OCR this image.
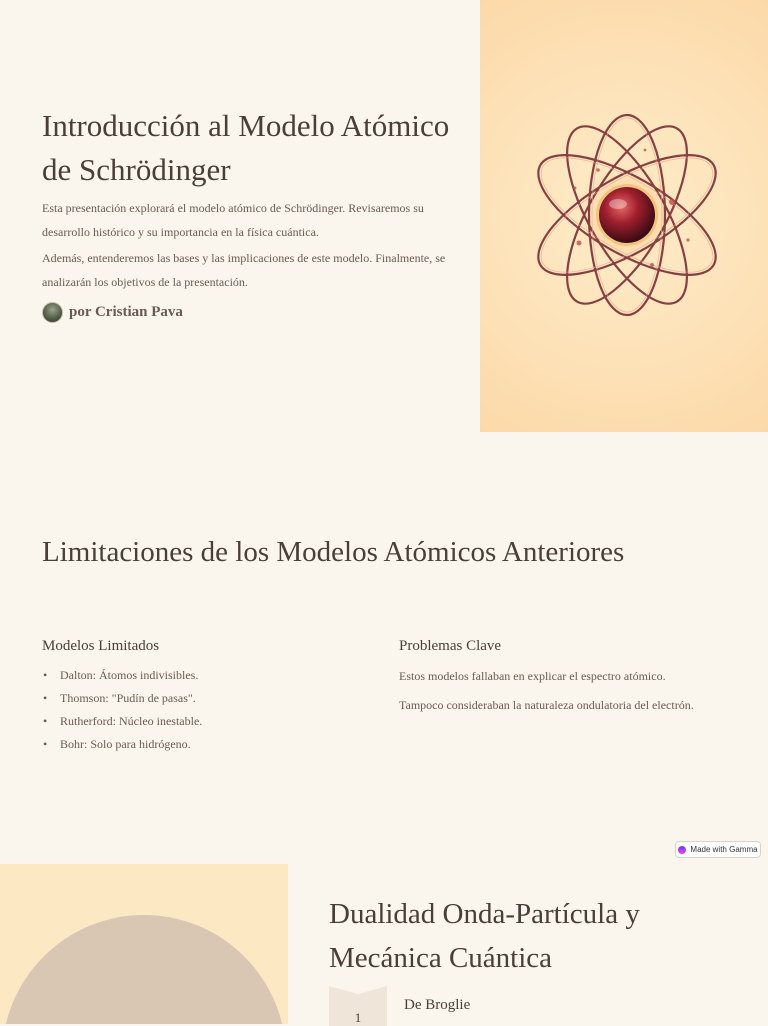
Introducción al Modelo Atómico de Schrödinger

Esta presentación explorará el modelo atómico de Schrödinger. Revisaremos su desarrollo histórico y su importancia en la física cuántica.

Además, entenderemos las bases y las implicaciones de este modelo. Finalmente, se analizarán los objetivos de la presentación.

por Cristian Pava
Limitaciones de los Modelos Atómicos Anteriores
Modelos Limitados
• Dalton: Átomos indivisibles.
• Thomson: "Pudín de pasas".
• Rutherford: Núcleo inestable.
• Bohr: Solo para hidrógeno.
Problemas Clave

Estos modelos fallaban en explicar el espectro atómico.

Tampoco consideraban la naturaleza ondulatoria del electrón.

Made with Gamma
Dualidad Onda-Partícula y Mecánica Cuántica
1

De Broglie
